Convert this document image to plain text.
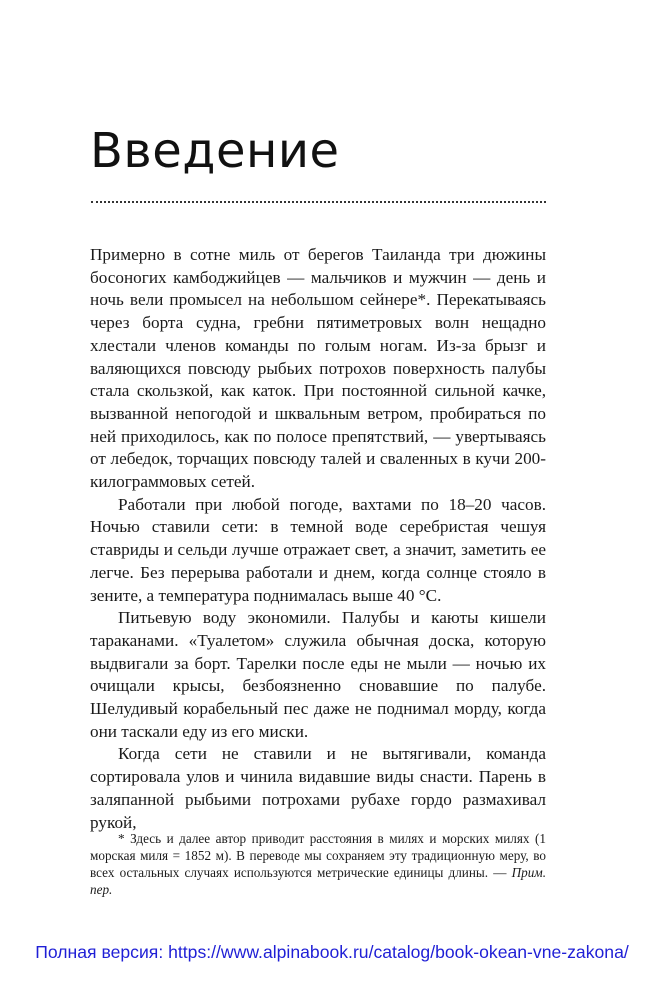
Введение

Примерно в сотне миль от берегов Таиланда три дюжины босоногих камбоджийцев — мальчиков и мужчин — день и ночь вели промысел на небольшом сейнере*. Перекатываясь через борта судна, гребни пятиметровых волн нещадно хлестали членов команды по голым ногам. Из-за брызг и валяющихся повсюду рыбьих потрохов поверхность палубы стала скользкой, как каток. При постоянной сильной качке, вызванной непогодой и шквальным ветром, пробираться по ней приходилось, как по полосе препятствий, — увертываясь от лебедок, торчащих повсюду талей и сваленных в кучи 200-килограммовых сетей.

Работали при любой погоде, вахтами по 18–20 часов. Ночью ставили сети: в темной воде серебристая чешуя ставриды и сельди лучше отражает свет, а значит, заметить ее легче. Без перерыва работали и днем, когда солнце стояло в зените, а температура поднималась выше 40 °C.

Питьевую воду экономили. Палубы и каюты кишели тараканами. «Туалетом» служила обычная доска, которую выдвигали за борт. Тарелки после еды не мыли — ночью их очищали крысы, безбоязненно сновавшие по палубе. Шелудивый корабельный пес даже не поднимал морду, когда они таскали еду из его миски.

Когда сети не ставили и не вытягивали, команда сортировала улов и чинила видавшие виды снасти. Парень в заляпанной рыбьими потрохами рубахе гордо размахивал рукой,

* Здесь и далее автор приводит расстояния в милях и морских милях (1 морская миля = 1852 м). В переводе мы сохраняем эту традиционную меру, во всех остальных случаях используются метрические единицы длины. — Прим. пер.

Полная версия: https://www.alpinabook.ru/catalog/book-okean-vne-zakona/
